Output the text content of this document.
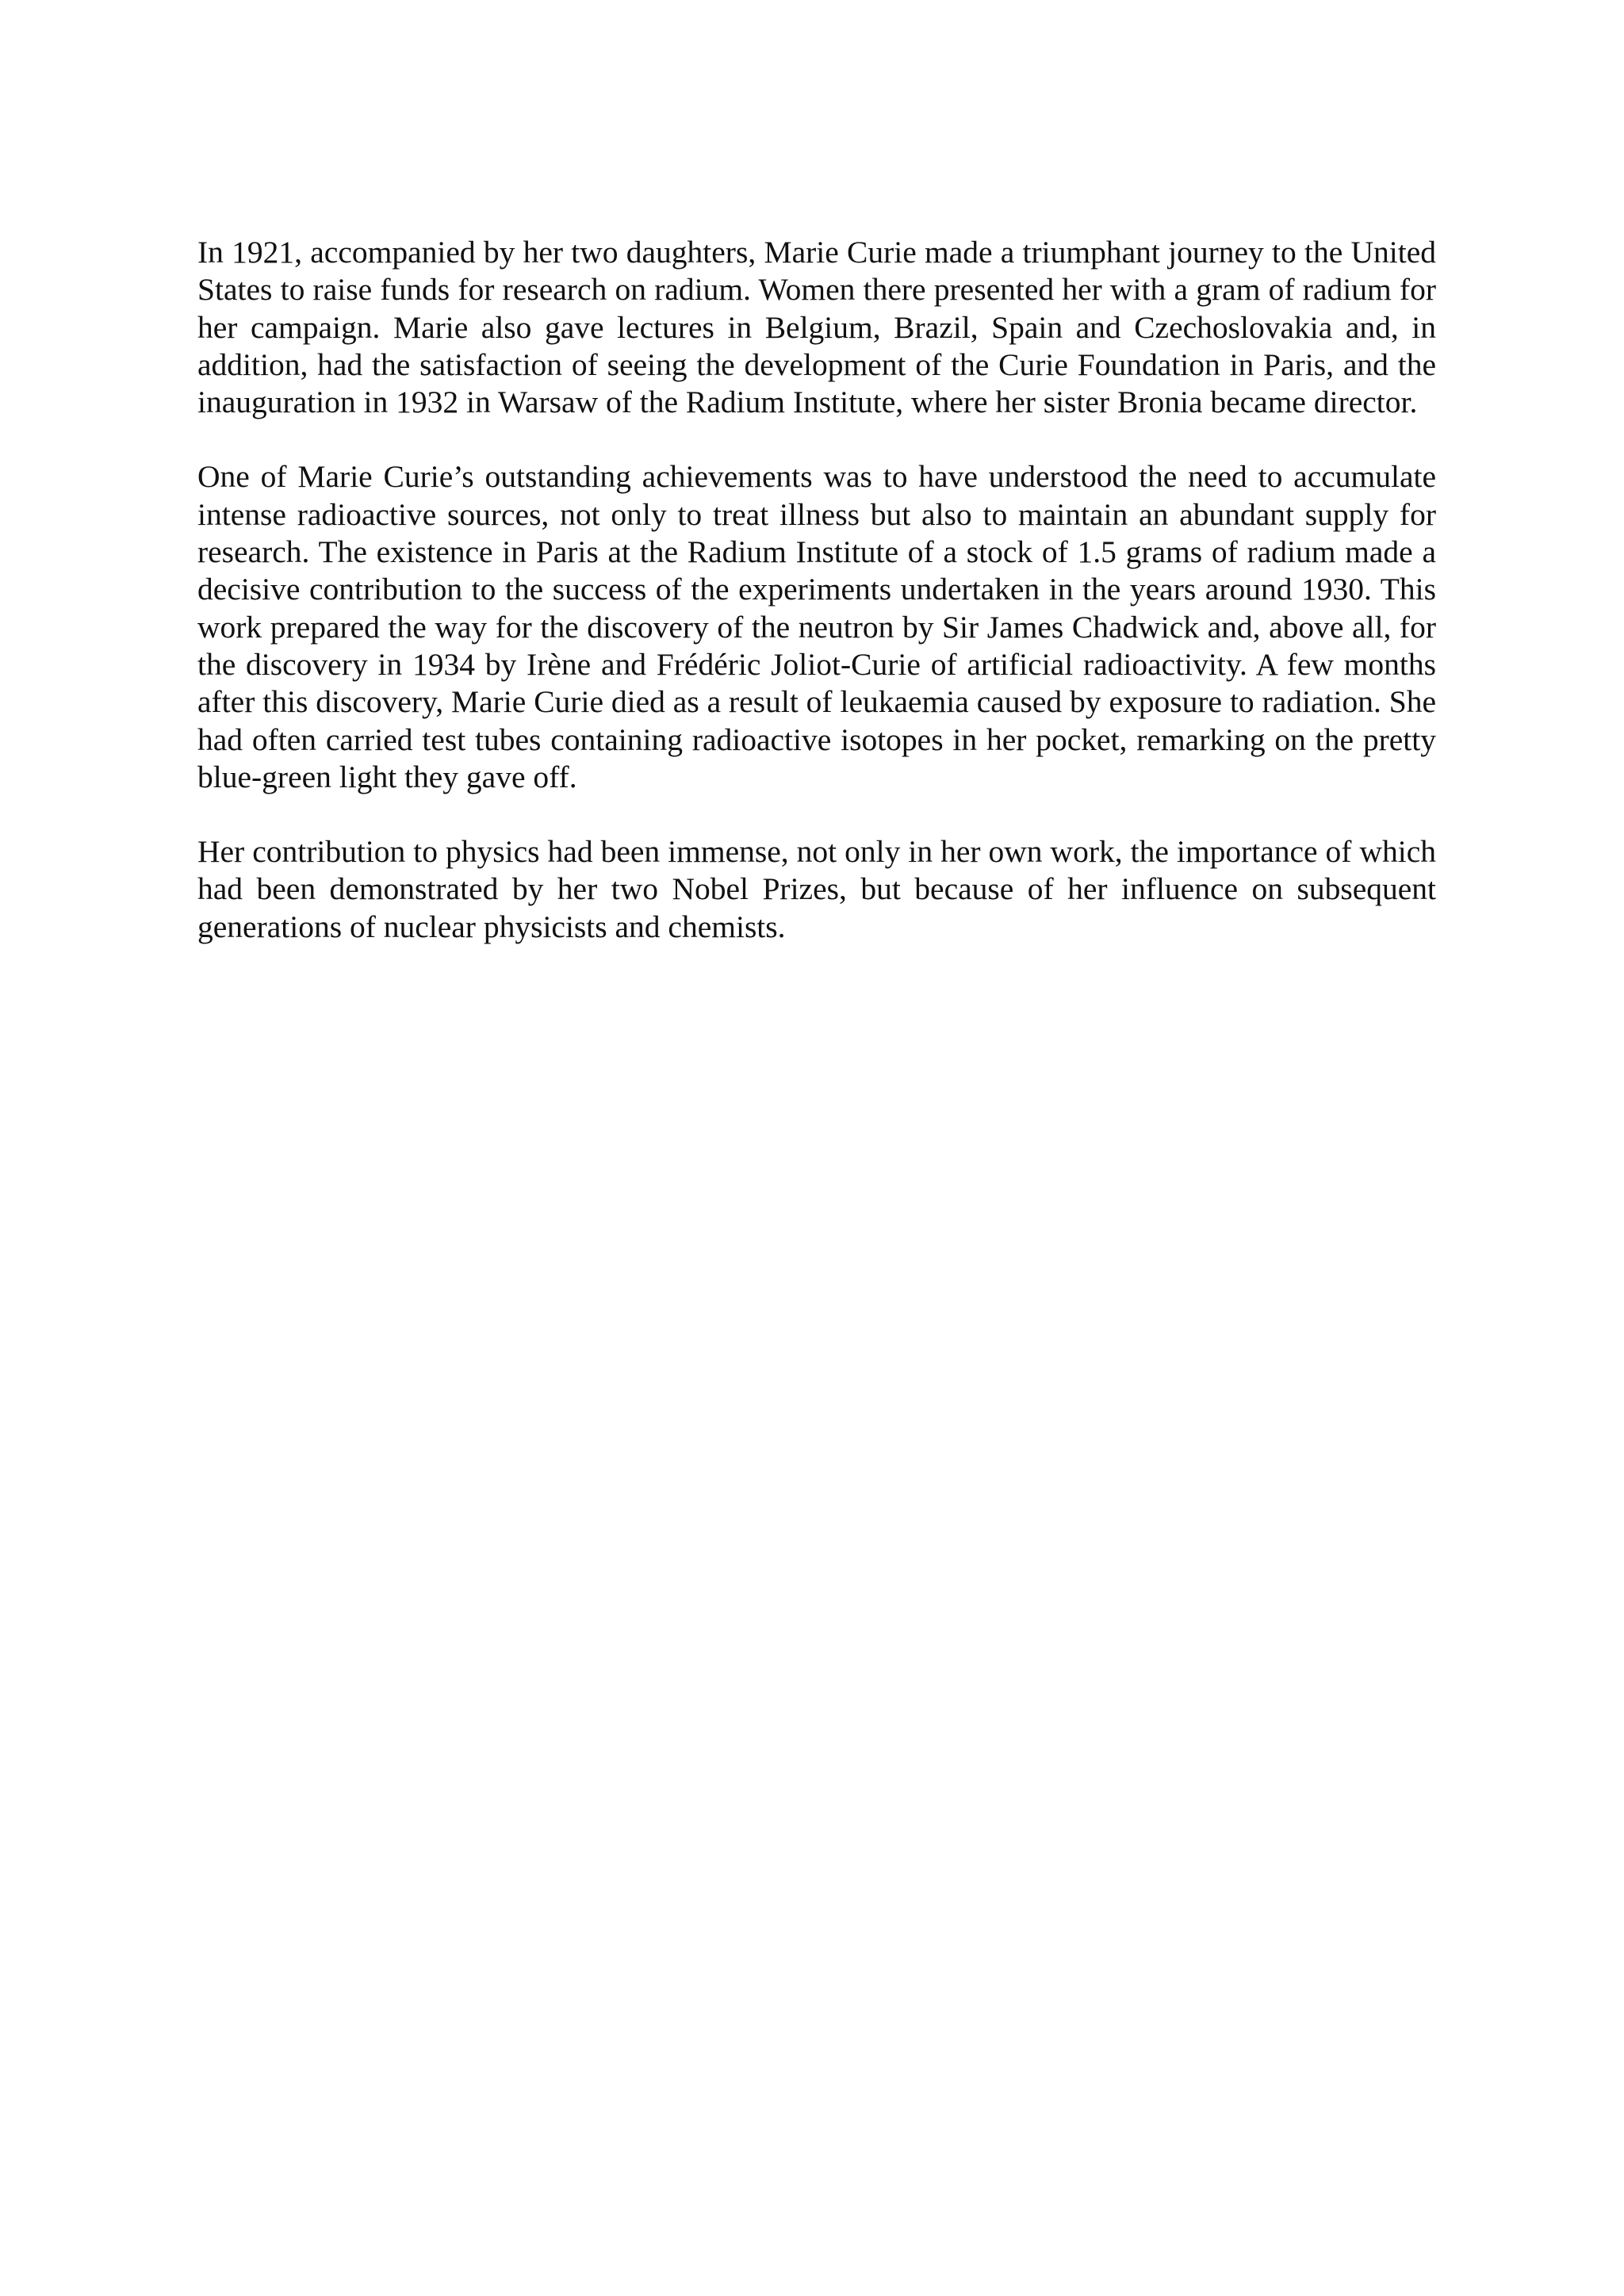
In 1921, accompanied by her two daughters, Marie Curie made a triumphant journey to the United States to raise funds for research on radium. Women there presented her with a gram of radium for her campaign. Marie also gave lectures in Belgium, Brazil, Spain and Czechoslovakia and, in addition, had the satisfaction of seeing the development of the Curie Foundation in Paris, and the inauguration in 1932 in Warsaw of the Radium Institute, where her sister Bronia became director.

One of Marie Curie’s outstanding achievements was to have understood the need to accumulate intense radioactive sources, not only to treat illness but also to maintain an abundant supply for research. The existence in Paris at the Radium Institute of a stock of 1.5 grams of radium made a decisive contribution to the success of the experiments undertaken in the years around 1930. This work prepared the way for the discovery of the neutron by Sir James Chadwick and, above all, for the discovery in 1934 by Irène and Frédéric Joliot-Curie of artificial radioactivity. A few months after this discovery, Marie Curie died as a result of leukaemia caused by exposure to radiation. She had often carried test tubes containing radioactive isotopes in her pocket, remarking on the pretty blue-green light they gave off.

Her contribution to physics had been immense, not only in her own work, the importance of which had been demonstrated by her two Nobel Prizes, but because of her influence on subsequent generations of nuclear physicists and chemists.
